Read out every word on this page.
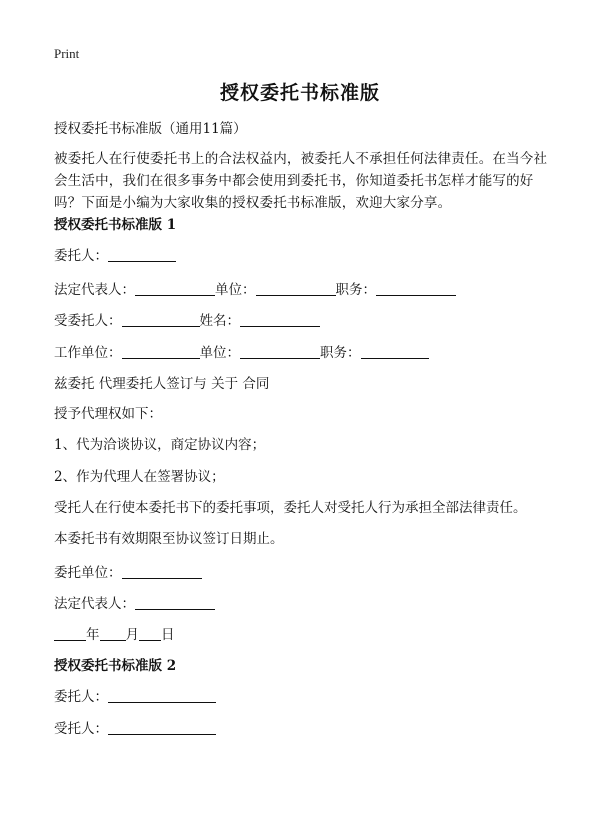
Print
授权委托书标准版
授权委托书标准版（通用11篇）
被委托人在行使委托书上的合法权益内，被委托人不承担任何法律责任。在当今社会生活中，我们在很多事务中都会使用到委托书，你知道委托书怎样才能写的好吗？下面是小编为大家收集的授权委托书标准版，欢迎大家分享。
授权委托书标准版 1
委托人：
法定代表人：	单位：	职务：
受委托人：	姓名：
工作单位：	单位：	职务：
兹委托 代理委托人签订与 关于 合同
授予代理权如下：
1、代为洽谈协议，商定协议内容；
2、作为代理人在签署协议；
受托人在行使本委托书下的委托事项，委托人对受托人行为承担全部法律责任。
本委托书有效期限至协议签订日期止。
委托单位：
法定代表人：
年 月 日
授权委托书标准版 2
委托人：
受托人：
